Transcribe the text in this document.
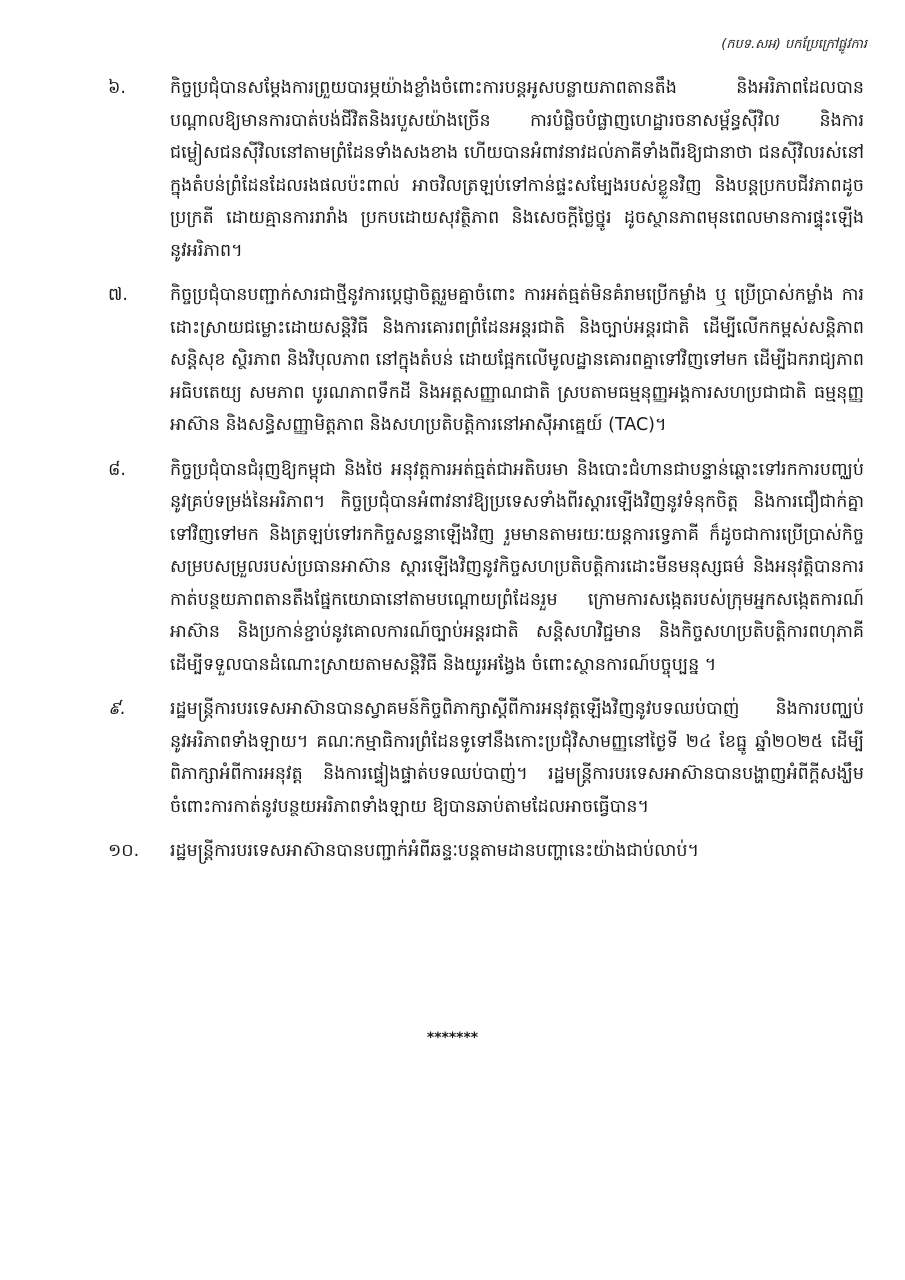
(កបទ.សអ) បកប្រែក្រៅផ្លូវការ
៦.	កិច្ចប្រជុំបានសម្តែងការព្រួយបារម្ភយ៉ាងខ្លាំងចំពោះការបន្តអូសបន្លាយភាពតានតឹង និងអរិភាពដែលបានបណ្តាលឱ្យមានការបាត់បង់ជីវិតនិងរបួសយ៉ាងច្រើន ការបំផ្លិចបំផ្លាញហេដ្ឋារចនាសម្ព័ន្ធស៊ីវិល និងការជម្លៀសជនស៊ីវិលនៅតាមព្រំដែនទាំងសងខាង ហើយបានអំពាវនាវដល់ភាគីទាំងពីរឱ្យជានាថា ជនស៊ីវិលរស់នៅក្នុងតំបន់ព្រំដែនដែលរងផលប៉ះពាល់ អាចវិលត្រឡប់ទៅកាន់ផ្ទះសម្បែងរបស់ខ្លួនវិញ និងបន្តប្រកបជីវភាពដូចប្រក្រតី ដោយគ្មានការរារាំង ប្រកបដោយសុវត្ថិភាព និងសេចក្តីថ្លៃថ្នូរ ដូចស្ថានភាពមុនពេលមានការផ្ទុះឡើងនូវអរិភាព។
៧.	កិច្ចប្រជុំបានបញ្ជាក់សារជាថ្មីនូវការប្តេជ្ញាចិត្តរួមគ្នាចំពោះ ការអត់ធ្មត់មិនគំរាមប្រើកម្លាំង ឬ ប្រើប្រាស់កម្លាំង ការដោះស្រាយជម្លោះដោយសន្តិវិធី និងការគោរពព្រំដែនអន្តរជាតិ និងច្បាប់អន្តរជាតិ ដើម្បីលើកកម្ពស់សន្តិភាព សន្តិសុខ ស្ថិរភាព និងវិបុលភាព នៅក្នុងតំបន់ ដោយផ្អែកលើមូលដ្ឋានគោរពគ្នាទៅវិញទៅមក ដើម្បីឯករាជ្យភាព អធិបតេយ្យ សមភាព បូរណភាពទឹកដី និងអត្តសញ្ញាណជាតិ ស្របតាមធម្មនុញ្ញអង្គការសហប្រជាជាតិ ធម្មនុញ្ញអាស៊ាន និងសន្ធិសញ្ញាមិត្តភាព និងសហប្រតិបត្តិការនៅអាស៊ីអាគ្នេយ៍ (TAC)។
៨.	កិច្ចប្រជុំបានជំរុញឱ្យកម្ពុជា និងថៃ អនុវត្តការអត់ធ្មត់ជាអតិបរមា និងបោះជំហានជាបន្ទាន់ឆ្ពោះទៅរកការបញ្ឈប់នូវគ្រប់ទម្រង់នៃអរិភាព។ កិច្ចប្រជុំបានអំពាវនាវឱ្យប្រទេសទាំងពីរស្តារឡើងវិញនូវទំនុកចិត្ត និងការជឿជាក់គ្នាទៅវិញទៅមក និងត្រឡប់ទៅរកកិច្ចសន្ទនាឡើងវិញ រួមមានតាមរយៈយន្តការទ្វេភាគី ក៏ដូចជាការប្រើប្រាស់កិច្ចសម្របសម្រួលរបស់ប្រធានអាស៊ាន ស្តារឡើងវិញនូវកិច្ចសហប្រតិបត្តិការដោះមីនមនុស្សធម៌ និងអនុវត្តិបានការកាត់បន្ថយភាពតានតឹងផ្នែកយោធានៅតាមបណ្តោយព្រំដែនរួម ក្រោមការសង្កេតរបស់ក្រុមអ្នកសង្កេតការណ៍អាស៊ាន និងប្រកាន់ខ្ជាប់នូវគោលការណ៍ច្បាប់អន្តរជាតិ សន្តិសហវិជ្ជមាន និងកិច្ចសហប្រតិបត្តិការពហុភាគី ដើម្បីទទួលបានដំណោះស្រាយតាមសន្តិវិធី និងយូរអង្វែង ចំពោះស្ថានការណ៍បច្ចុប្បន្ន ។
៩.	រដ្ឋមន្ត្រីការបរទេសអាស៊ានបានស្វាគមន៍កិច្ចពិភាក្សាស្តីពីការអនុវត្តឡើងវិញនូវបទឈប់បាញ់ និងការបញ្ឈប់នូវអរិភាពទាំងឡាយ។ គណៈកម្មាធិការព្រំដែនទូទៅនឹងកោះប្រជុំវិសាមញ្ញនៅថ្ងៃទី ២៤ ខែធ្នូ ឆ្នាំ២០២៥ ដើម្បីពិភាក្សាអំពីការអនុវត្ត និងការផ្ទៀងផ្ទាត់បទឈប់បាញ់។ រដ្ឋមន្ត្រីការបរទេសអាស៊ានបានបង្ហាញអំពីក្តីសង្ឃឹមចំពោះការកាត់នូវបន្ថយអរិភាពទាំងឡាយ ឱ្យបានឆាប់តាមដែលអាចធ្វើបាន។
១០.	រដ្ឋមន្ត្រីការបរទេសអាស៊ានបានបញ្ជាក់អំពីឆន្ទៈបន្តតាមដានបញ្ហានេះយ៉ាងជាប់លាប់។
*******
